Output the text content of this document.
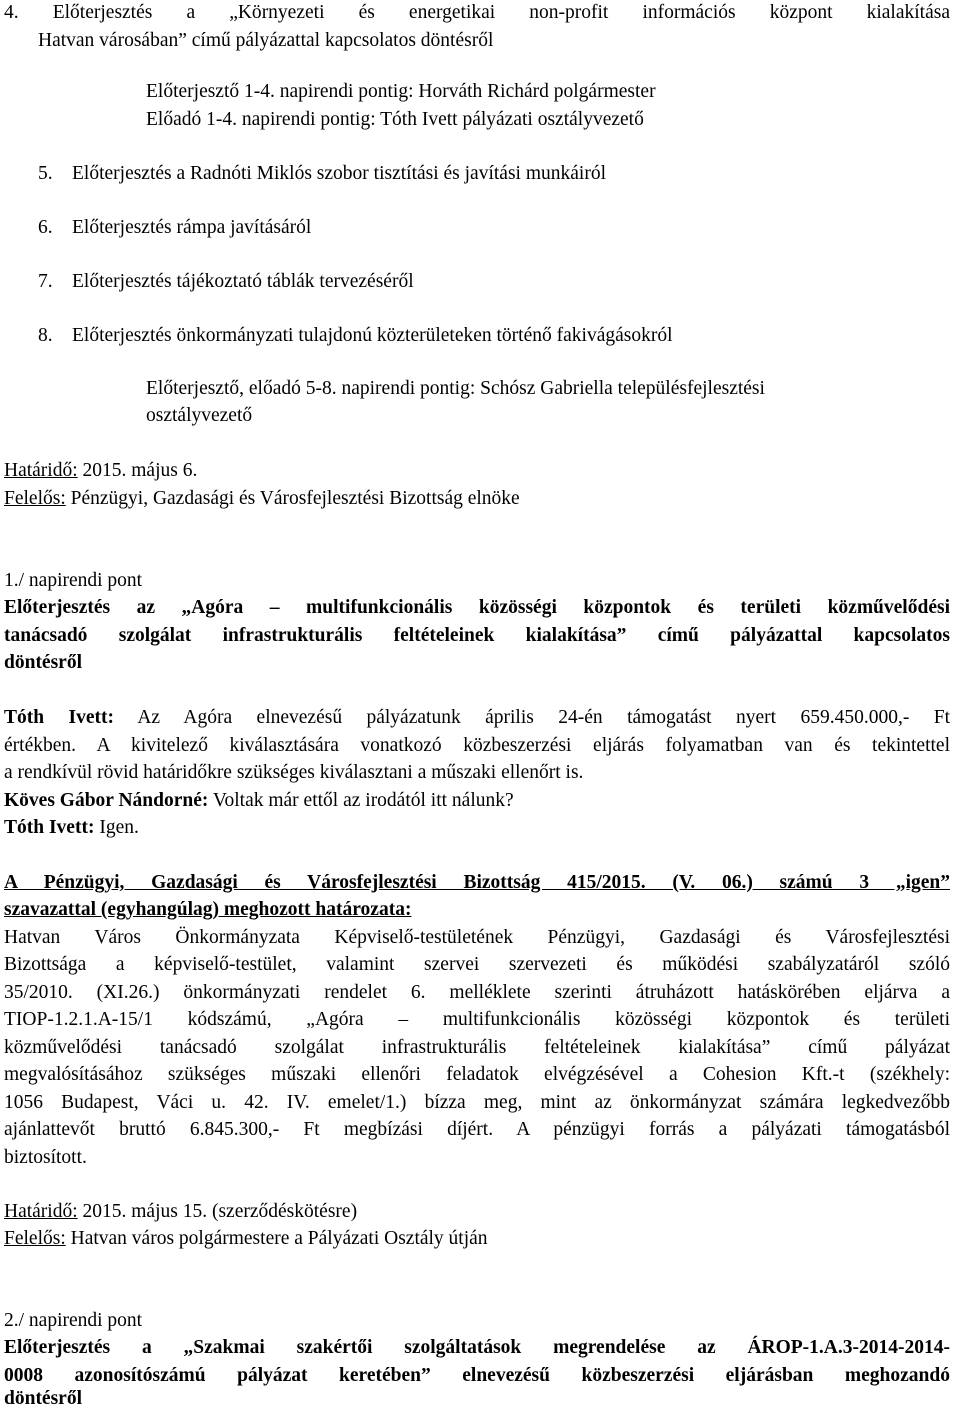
4. Előterjesztés a „Környezeti és energetikai non-profit információs központ kialakítása
Hatvan városában” című pályázattal kapcsolatos döntésről
Előterjesztő 1-4. napirendi pontig: Horváth Richárd polgármester
Előadó 1-4. napirendi pontig: Tóth Ivett pályázati osztályvezető
5. Előterjesztés a Radnóti Miklós szobor tisztítási és javítási munkáiról
6. Előterjesztés rámpa javításáról
7. Előterjesztés tájékoztató táblák tervezéséről
8. Előterjesztés önkormányzati tulajdonú közterületeken történő fakivágásokról
Előterjesztő, előadó 5-8. napirendi pontig: Schósz Gabriella településfejlesztési
osztályvezető
Határidő: 2015. május 6.
Felelős: Pénzügyi, Gazdasági és Városfejlesztési Bizottság elnöke
1./ napirendi pont
Előterjesztés az „Agóra – multifunkcionális közösségi központok és területi közművelődési
tanácsadó szolgálat infrastrukturális feltételeinek kialakítása” című pályázattal kapcsolatos
döntésről
Tóth Ivett: Az Agóra elnevezésű pályázatunk április 24-én támogatást nyert 659.450.000,- Ft
értékben. A kivitelező kiválasztására vonatkozó közbeszerzési eljárás folyamatban van és tekintettel
a rendkívül rövid határidőkre szükséges kiválasztani a műszaki ellenőrt is.
Köves Gábor Nándorné: Voltak már ettől az irodától itt nálunk?
Tóth Ivett: Igen.
A Pénzügyi, Gazdasági és Városfejlesztési Bizottság 415/2015. (V. 06.) számú 3 „igen”
szavazattal (egyhangúlag) meghozott határozata:
Hatvan Város Önkormányzata Képviselő-testületének Pénzügyi, Gazdasági és Városfejlesztési
Bizottsága a képviselő-testület, valamint szervei szervezeti és működési szabályzatáról szóló
35/2010. (XI.26.) önkormányzati rendelet 6. melléklete szerinti átruházott hatáskörében eljárva a
TIOP-1.2.1.A-15/1 kódszámú, „Agóra – multifunkcionális közösségi központok és területi
közművelődési tanácsadó szolgálat infrastrukturális feltételeinek kialakítása” című pályázat
megvalósításához szükséges műszaki ellenőri feladatok elvégzésével a Cohesion Kft.-t (székhely:
1056 Budapest, Váci u. 42. IV. emelet/1.) bízza meg, mint az önkormányzat számára legkedvezőbb
ajánlattevőt bruttó 6.845.300,- Ft megbízási díjért. A pénzügyi forrás a pályázati támogatásból
biztosított.
Határidő: 2015. május 15. (szerződéskötésre)
Felelős: Hatvan város polgármestere a Pályázati Osztály útján
2./ napirendi pont
Előterjesztés a „Szakmai szakértői szolgáltatások megrendelése az ÁROP-1.A.3-2014-2014-
0008 azonosítószámú pályázat keretében” elnevezésű közbeszerzési eljárásban meghozandó
döntésről
